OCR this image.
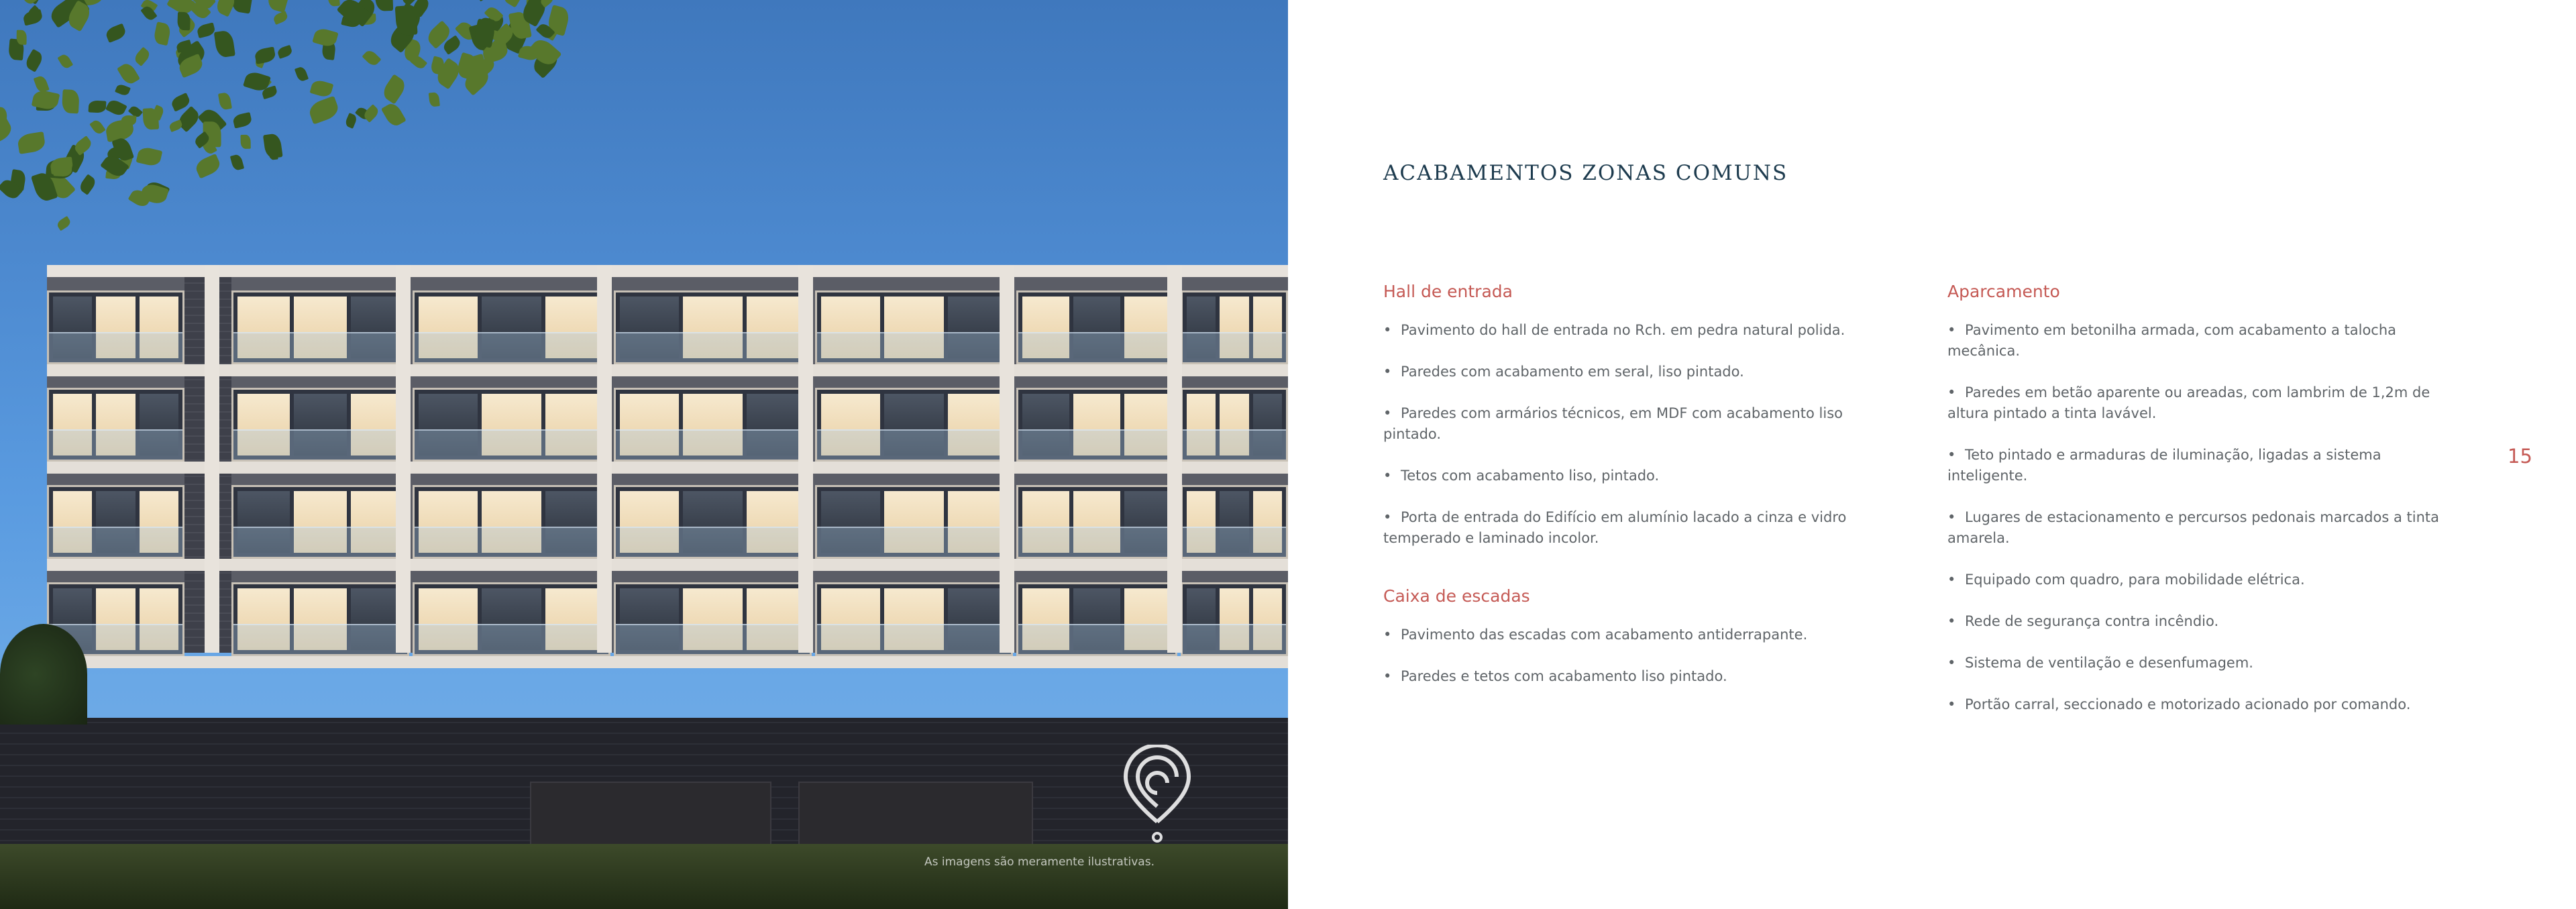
As imagens são meramente ilustrativas.
ACABAMENTOS ZONAS COMUNS
Hall de entrada
• Pavimento do hall de entrada no Rch. em pedra natural polida.
• Paredes com acabamento em seral, liso pintado.
• Paredes com armários técnicos, em MDF com acabamento liso pintado.
• Tetos com acabamento liso, pintado.
• Porta de entrada do Edifício em alumínio lacado a cinza e vidro temperado e laminado incolor.
Caixa de escadas
• Pavimento das escadas com acabamento antiderrapante.
• Paredes e tetos com acabamento liso pintado.
Aparcamento
• Pavimento em betonilha armada, com acabamento a talocha mecânica.
• Paredes em betão aparente ou areadas, com lambrim de 1,2m de altura pintado a tinta lavável.
• Teto pintado e armaduras de iluminação, ligadas a sistema inteligente.
• Lugares de estacionamento e percursos pedonais marcados a tinta amarela.
• Equipado com quadro, para mobilidade elétrica.
• Rede de segurança contra incêndio.
• Sistema de ventilação e desenfumagem.
• Portão carral, seccionado e motorizado acionado por comando.
15
